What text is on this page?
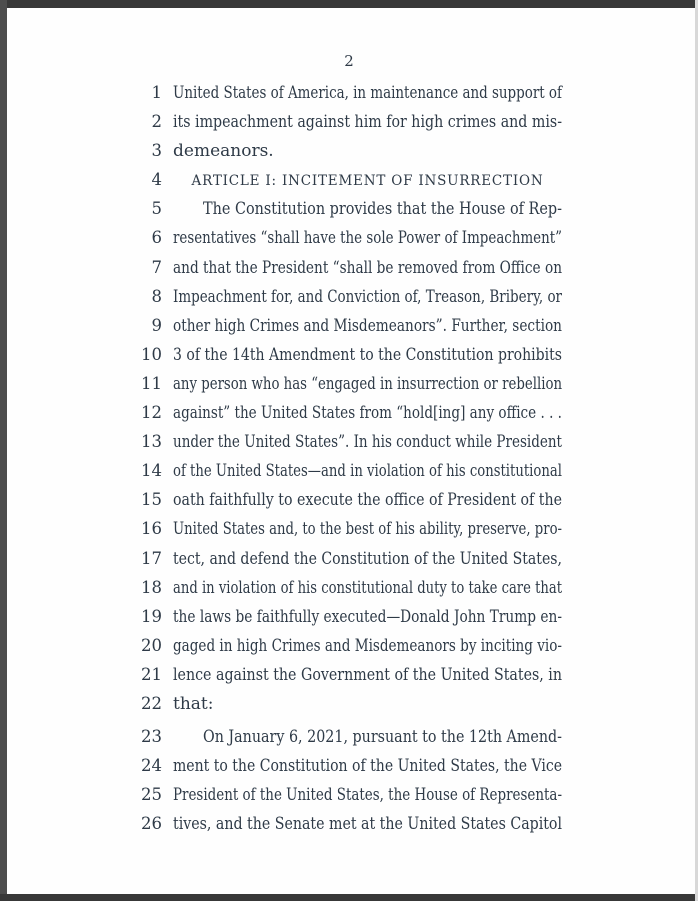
2
1 United States of America, in maintenance and support of
2 its impeachment against him for high crimes and mis-
3 demeanors.
4	ARTICLE I: INCITEMENT OF INSURRECTION
5 The Constitution provides that the House of Rep-
6 resentatives “shall have the sole Power of Impeachment”
7 and that the President “shall be removed from Office on
8 Impeachment for, and Conviction of, Treason, Bribery, or
9 other high Crimes and Misdemeanors”. Further, section
10 3 of the 14th Amendment to the Constitution prohibits
11 any person who has “engaged in insurrection or rebellion
12 against” the United States from “hold[ing] any office . . .
13 under the United States”. In his conduct while President
14 of the United States—and in violation of his constitutional
15 oath faithfully to execute the office of President of the
16 United States and, to the best of his ability, preserve, pro-
17 tect, and defend the Constitution of the United States,
18 and in violation of his constitutional duty to take care that
19 the laws be faithfully executed—Donald John Trump en-
20 gaged in high Crimes and Misdemeanors by inciting vio-
21 lence against the Government of the United States, in
22 that:
23 On January 6, 2021, pursuant to the 12th Amend-
24 ment to the Constitution of the United States, the Vice
25 President of the United States, the House of Representa-
26 tives, and the Senate met at the United States Capitol
